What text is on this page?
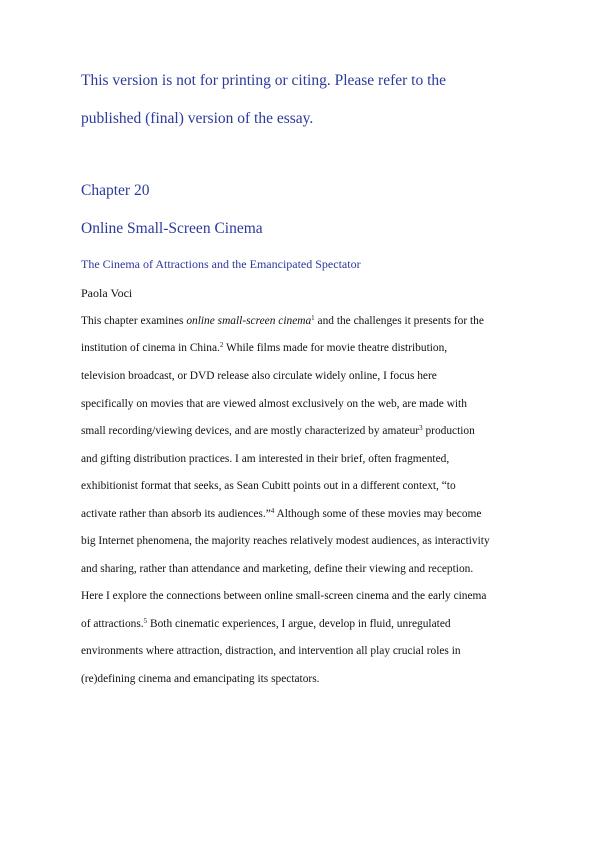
This version is not for printing or citing. Please refer to the
published (final) version of the essay.
Chapter 20
Online Small-Screen Cinema
The Cinema of Attractions and the Emancipated Spectator
Paola Voci
This chapter examines online small-screen cinema$^1$ and the challenges it presents for the
institution of cinema in China.$^2$ While films made for movie theatre distribution,
television broadcast, or DVD release also circulate widely online, I focus here
specifically on movies that are viewed almost exclusively on the web, are made with
small recording/viewing devices, and are mostly characterized by amateur$^3$ production
and gifting distribution practices. I am interested in their brief, often fragmented,
exhibitionist format that seeks, as Sean Cubitt points out in a different context, “to
activate rather than absorb its audiences.”$^4$ Although some of these movies may become
big Internet phenomena, the majority reaches relatively modest audiences, as interactivity
and sharing, rather than attendance and marketing, define their viewing and reception.
Here I explore the connections between online small-screen cinema and the early cinema
of attractions.$^5$ Both cinematic experiences, I argue, develop in fluid, unregulated
environments where attraction, distraction, and intervention all play crucial roles in
(re)defining cinema and emancipating its spectators.
